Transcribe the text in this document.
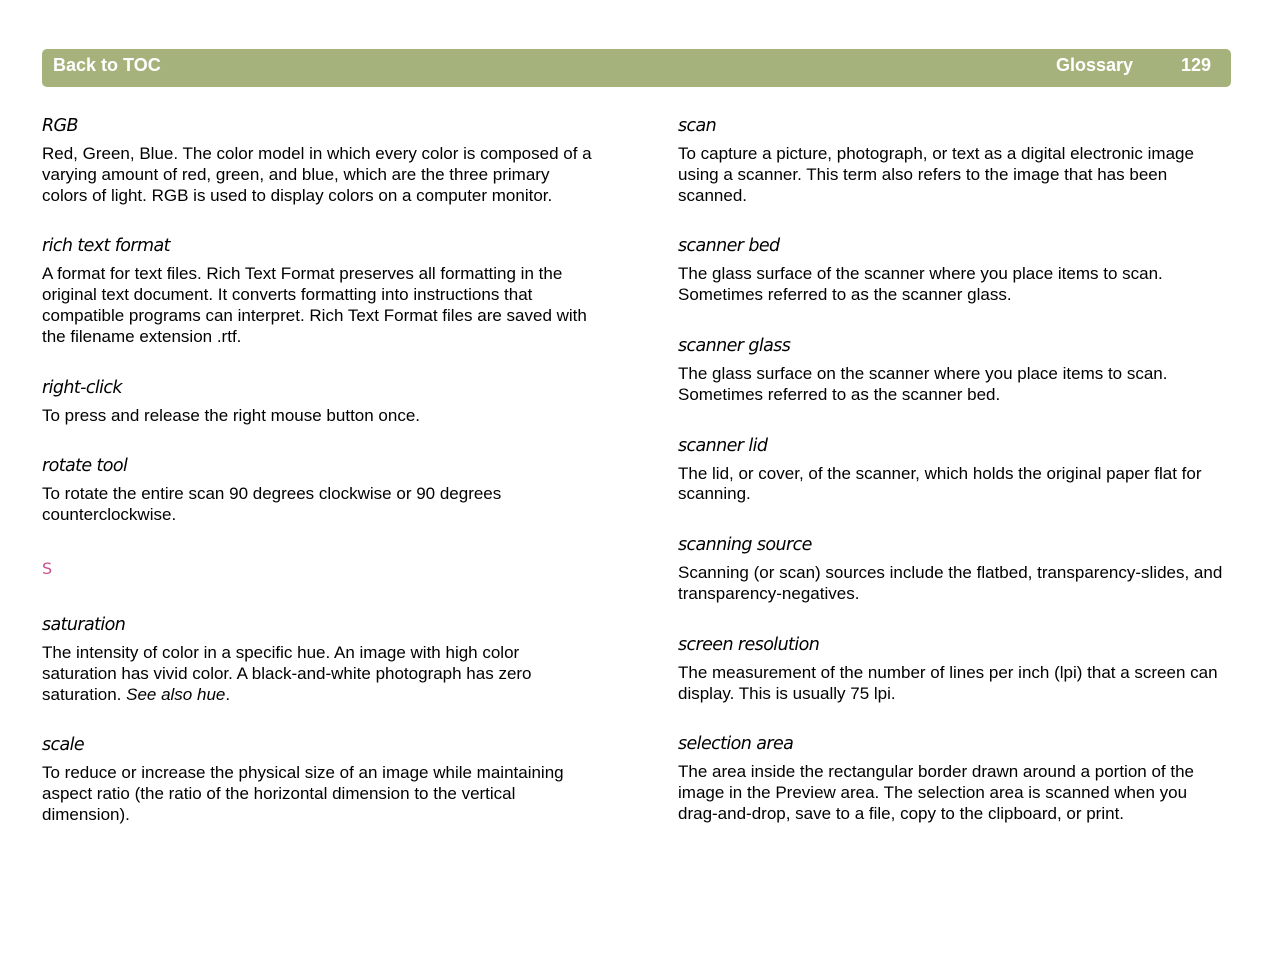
Back to TOC	Glossary	129

RGB

Red, Green, Blue. The color model in which every color is composed of a varying amount of red, green, and blue, which are the three primary colors of light. RGB is used to display colors on a computer monitor.

rich text format

A format for text files. Rich Text Format preserves all formatting in the original text document. It converts formatting into instructions that compatible programs can interpret. Rich Text Format files are saved with the filename extension .rtf.

right-click

To press and release the right mouse button once.

rotate tool

To rotate the entire scan 90 degrees clockwise or 90 degrees counterclockwise.

S

saturation

The intensity of color in a specific hue. An image with high color saturation has vivid color. A black-and-white photograph has zero saturation. See also hue.

scale

To reduce or increase the physical size of an image while maintaining aspect ratio (the ratio of the horizontal dimension to the vertical dimension).

scan

To capture a picture, photograph, or text as a digital electronic image using a scanner. This term also refers to the image that has been scanned.

scanner bed

The glass surface of the scanner where you place items to scan. Sometimes referred to as the scanner glass.

scanner glass

The glass surface on the scanner where you place items to scan. Sometimes referred to as the scanner bed.

scanner lid

The lid, or cover, of the scanner, which holds the original paper flat for scanning.

scanning source

Scanning (or scan) sources include the flatbed, transparency-slides, and transparency-negatives.

screen resolution

The measurement of the number of lines per inch (lpi) that a screen can display. This is usually 75 lpi.

selection area

The area inside the rectangular border drawn around a portion of the image in the Preview area. The selection area is scanned when you drag-and-drop, save to a file, copy to the clipboard, or print.
